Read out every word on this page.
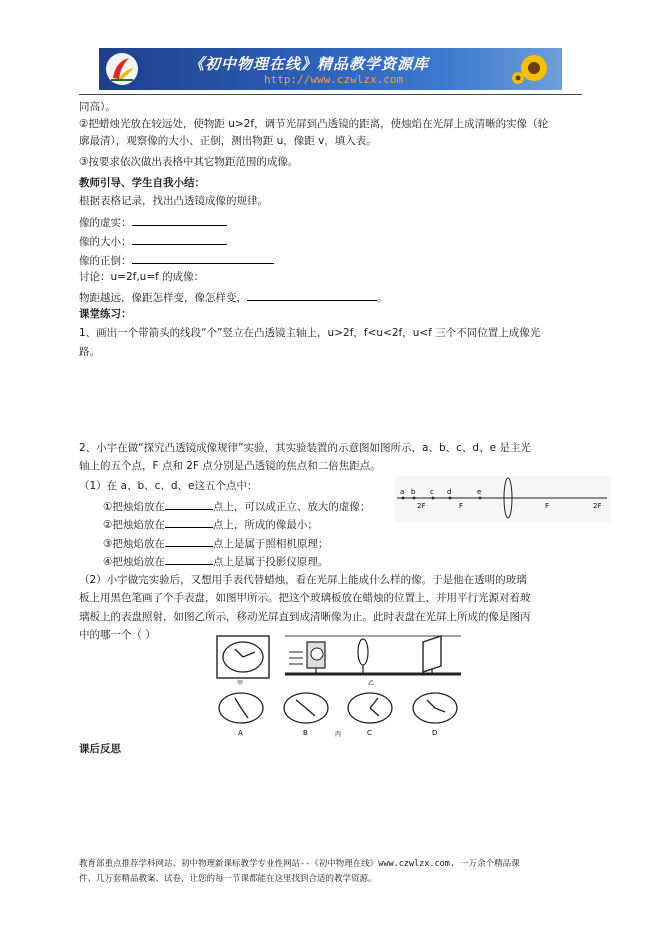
《初中物理在线》精品教学资源库
http://www.czwlzx.com
同高）。
②把蜡烛光放在较远处，使物距 u>2f，调节光屏到凸透镜的距离，使烛焰在光屏上成清晰的实像（轮
廓最清），观察像的大小、正倒，测出物距 u，像距 v，填入表。
③按要求依次做出表格中其它物距范围的成像。
教师引导、学生自我小结：
根据表格记录，找出凸透镜成像的规律。
像的虚实：
像的大小：
像的正倒：
讨论：u=2f,u=f 的成像：
物距越远，像距怎样变，像怎样变，	。
课堂练习：
1、画出一个带箭头的线段“个”竖立在凸透镜主轴上，u>2f，f<u<2f，u<f 三个不同位置上成像光
路。
2、小宇在做“探究凸透镜成像规律”实验，其实验装置的示意图如图所示，a、b、c、d、e 是主光
轴上的五个点，F 点和 2F 点分别是凸透镜的焦点和二倍焦距点。
（1）在 a、b、c、d、e这五个点中：
①把烛焰放在	点上，可以成正立、放大的虚像；
②把烛焰放在	点上，所成的像最小；
③把烛焰放在	点上是属于照相机原理；
④把烛焰放在	点上是属于投影仪原理。
a b c d	e
2F	F	F	2F
（2）小宇做完实验后，又想用手表代替蜡烛，看在光屏上能成什么样的像。于是他在透明的玻璃
板上用黑色笔画了个手表盘，如图甲所示。把这个玻璃板放在蜡烛的位置上，并用平行光源对着玻
璃板上的表盘照射，如图乙所示，移动光屏直到成清晰像为止。此时表盘在光屏上所成的像是图丙
中的哪一个（ ）
甲	乙
A	B	丙	C	D
课后反思
教育部重点推荐学科网站、初中物理新课标教学专业性网站--《初中物理在线》www.czwlzx.com. 一万余个精品课
件、几万套精品教案、试卷，让您的每一节课都能在这里找到合适的教学资源。
